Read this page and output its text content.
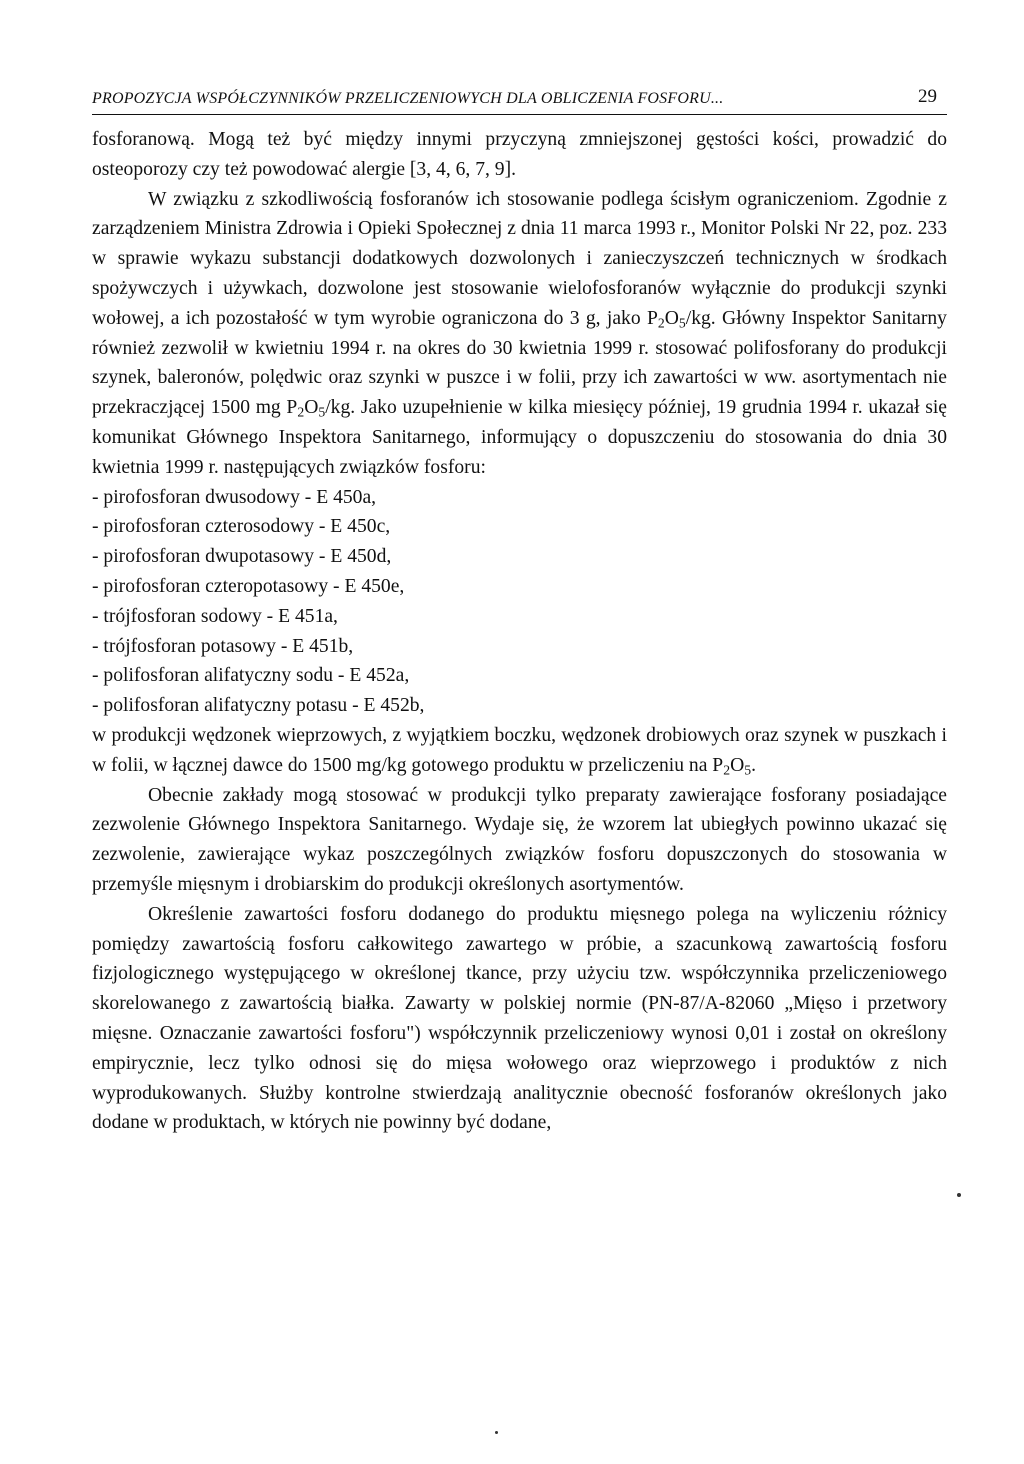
PROPOZYCJA WSPÓŁCZYNNIKÓW PRZELICZENIOWYCH DLA OBLICZENIA FOSFORU...	29

fosforanową. Mogą też być między innymi przyczyną zmniejszonej gęstości kości, prowadzić do osteoporozy czy też powodować alergie [3, 4, 6, 7, 9].

W związku z szkodliwością fosforanów ich stosowanie podlega ścisłym ograniczeniom. Zgodnie z zarządzeniem Ministra Zdrowia i Opieki Społecznej z dnia 11 marca 1993 r., Monitor Polski Nr 22, poz. 233 w sprawie wykazu substancji dodatkowych dozwolonych i zanieczyszczeń technicznych w środkach spożywczych i używkach, dozwolone jest stosowanie wielofosforanów wyłącznie do produkcji szynki wołowej, a ich pozostałość w tym wyrobie ograniczona do 3 g, jako $P_2O_5/kg$. Główny Inspektor Sanitarny również zezwolił w kwietniu 1994 r. na okres do 30 kwietnia 1999 r. stosować polifosforany do produkcji szynek, baleronów, polędwic oraz szynki w puszce i w folii, przy ich zawartości w ww. asortymentach nie przekraczjącej 1500 mg $P_2O_5/kg$. Jako uzupełnienie w kilka miesięcy później, 19 grudnia 1994 r. ukazał się komunikat Głównego Inspektora Sanitarnego, informujący o dopuszczeniu do stosowania do dnia 30 kwietnia 1999 r. następujących związków fosforu:

- pirofosforan dwusodowy - E 450a,
- pirofosforan czterosodowy - E 450c,
- pirofosforan dwupotasowy - E 450d,
- pirofosforan czteropotasowy - E 450e,
- trójfosforan sodowy - E 451a,
- trójfosforan potasowy - E 451b,
- polifosforan alifatyczny sodu - E 452a,
- polifosforan alifatyczny potasu - E 452b,

w produkcji wędzonek wieprzowych, z wyjątkiem boczku, wędzonek drobiowych oraz szynek w puszkach i w folii, w łącznej dawce do 1500 mg/kg gotowego produktu w przeliczeniu na $P_2O_5$.

Obecnie zakłady mogą stosować w produkcji tylko preparaty zawierające fosforany posiadające zezwolenie Głównego Inspektora Sanitarnego. Wydaje się, że wzorem lat ubiegłych powinno ukazać się zezwolenie, zawierające wykaz poszczególnych związków fosforu dopuszczonych do stosowania w przemyśle mięsnym i drobiarskim do produkcji określonych asortymentów.

Określenie zawartości fosforu dodanego do produktu mięsnego polega na wyliczeniu różnicy pomiędzy zawartością fosforu całkowitego zawartego w próbie, a szacunkową zawartością fosforu fizjologicznego występującego w określonej tkance, przy użyciu tzw. współczynnika przeliczeniowego skorelowanego z zawartością białka. Zawarty w polskiej normie (PN-87/A-82060 „Mięso i przetwory mięsne. Oznaczanie zawartości fosforu") współczynnik przeliczeniowy wynosi 0,01 i został on określony empirycznie, lecz tylko odnosi się do mięsa wołowego oraz wieprzowego i produktów z nich wyprodukowanych. Służby kontrolne stwierdzają analitycznie obecność fosforanów określonych jako dodane w produktach, w których nie powinny być dodane,
